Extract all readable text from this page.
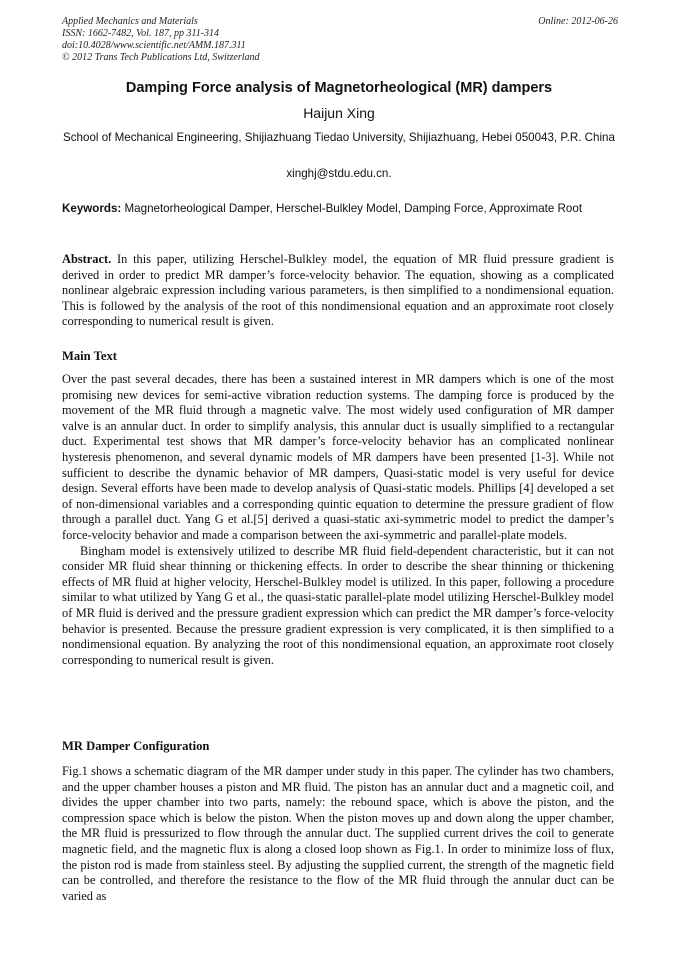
Applied Mechanics and Materials
ISSN: 1662-7482, Vol. 187, pp 311-314
doi:10.4028/www.scientific.net/AMM.187.311
© 2012 Trans Tech Publications Ltd, Switzerland
Online: 2012-06-26
Damping Force analysis of Magnetorheological (MR) dampers
Haijun Xing
School of Mechanical Engineering, Shijiazhuang Tiedao University, Shijiazhuang, Hebei 050043, P.R. China
xinghj@stdu.edu.cn.
Keywords: Magnetorheological Damper, Herschel-Bulkley Model, Damping Force, Approximate Root
Abstract. In this paper, utilizing Herschel-Bulkley model, the equation of MR fluid pressure gradient is derived in order to predict MR damper’s force-velocity behavior. The equation, showing as a complicated nonlinear algebraic expression including various parameters, is then simplified to a nondimensional equation. This is followed by the analysis of the root of this nondimensional equation and an approximate root closely corresponding to numerical result is given.
Main Text

Over the past several decades, there has been a sustained interest in MR dampers which is one of the most promising new devices for semi-active vibration reduction systems. The damping force is produced by the movement of the MR fluid through a magnetic valve. The most widely used configuration of MR damper valve is an annular duct. In order to simplify analysis, this annular duct is usually simplified to a rectangular duct. Experimental test shows that MR damper’s force-velocity behavior has an complicated nonlinear hysteresis phenomenon, and several dynamic models of MR dampers have been presented [1-3]. While not sufficient to describe the dynamic behavior of MR dampers, Quasi-static model is very useful for device design. Several efforts have been made to develop analysis of Quasi-static models. Phillips [4] developed a set of non-dimensional variables and a corresponding quintic equation to determine the pressure gradient of flow through a parallel duct. Yang G et al.[5] derived a quasi-static axi-symmetric model to predict the damper’s force-velocity behavior and made a comparison between the axi-symmetric and parallel-plate models.

Bingham model is extensively utilized to describe MR fluid field-dependent characteristic, but it can not consider MR fluid shear thinning or thickening effects. In order to describe the shear thinning or thickening effects of MR fluid at higher velocity, Herschel-Bulkley model is utilized. In this paper, following a procedure similar to what utilized by Yang G et al., the quasi-static parallel-plate model utilizing Herschel-Bulkley model of MR fluid is derived and the pressure gradient expression which can predict the MR damper’s force-velocity behavior is presented. Because the pressure gradient expression is very complicated, it is then simplified to a nondimensional equation. By analyzing the root of this nondimensional equation, an approximate root closely corresponding to numerical result is given.

MR Damper Configuration

Fig.1 shows a schematic diagram of the MR damper under study in this paper. The cylinder has two chambers, and the upper chamber houses a piston and MR fluid. The piston has an annular duct and a magnetic coil, and divides the upper chamber into two parts, namely: the rebound space, which is above the piston, and the compression space which is below the piston. When the piston moves up and down along the upper chamber, the MR fluid is pressurized to flow through the annular duct. The supplied current drives the coil to generate magnetic field, and the magnetic flux is along a closed loop shown as Fig.1. In order to minimize loss of flux, the piston rod is made from stainless steel. By adjusting the supplied current, the strength of the magnetic field can be controlled, and therefore the resistance to the flow of the MR fluid through the annular duct can be varied as
